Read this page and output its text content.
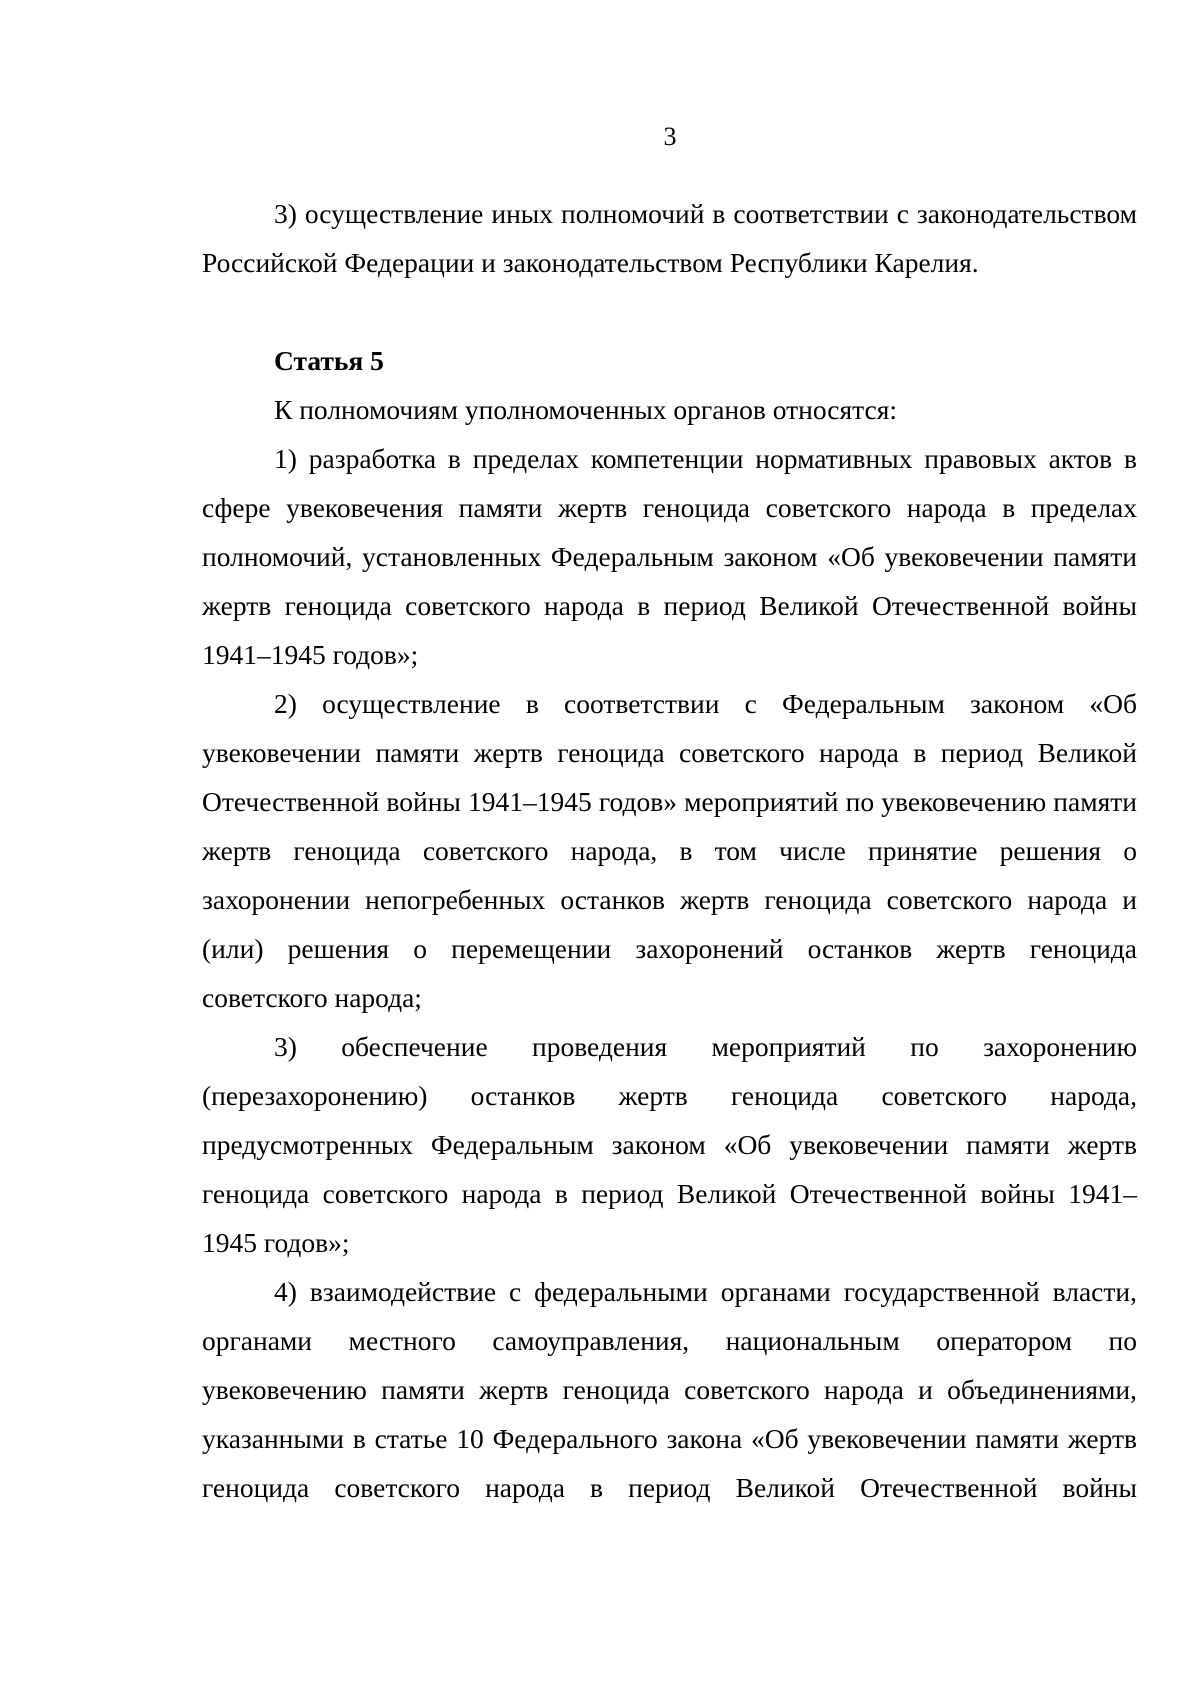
3

3) осуществление иных полномочий в соответствии с законодательством Российской Федерации и законодательством Республики Карелия.

Статья 5

К полномочиям уполномоченных органов относятся:

1) разработка в пределах компетенции нормативных правовых актов в сфере увековечения памяти жертв геноцида советского народа в пределах полномочий, установленных Федеральным законом «Об увековечении памяти жертв геноцида советского народа в период Великой Отечественной войны 1941–1945 годов»;

2) осуществление в соответствии с Федеральным законом «Об увековечении памяти жертв геноцида советского народа в период Великой Отечественной войны 1941–1945 годов» мероприятий по увековечению памяти жертв геноцида советского народа, в том числе принятие решения о захоронении непогребенных останков жертв геноцида советского народа и (или) решения о перемещении захоронений останков жертв геноцида советского народа;

3) обеспечение проведения мероприятий по захоронению (перезахоронению) останков жертв геноцида советского народа, предусмотренных Федеральным законом «Об увековечении памяти жертв геноцида советского народа в период Великой Отечественной войны 1941–1945 годов»;

4) взаимодействие с федеральными органами государственной власти, органами местного самоуправления, национальным оператором по увековечению памяти жертв геноцида советского народа и объединениями, указанными в статье 10 Федерального закона «Об увековечении памяти жертв геноцида советского народа в период Великой Отечественной войны
